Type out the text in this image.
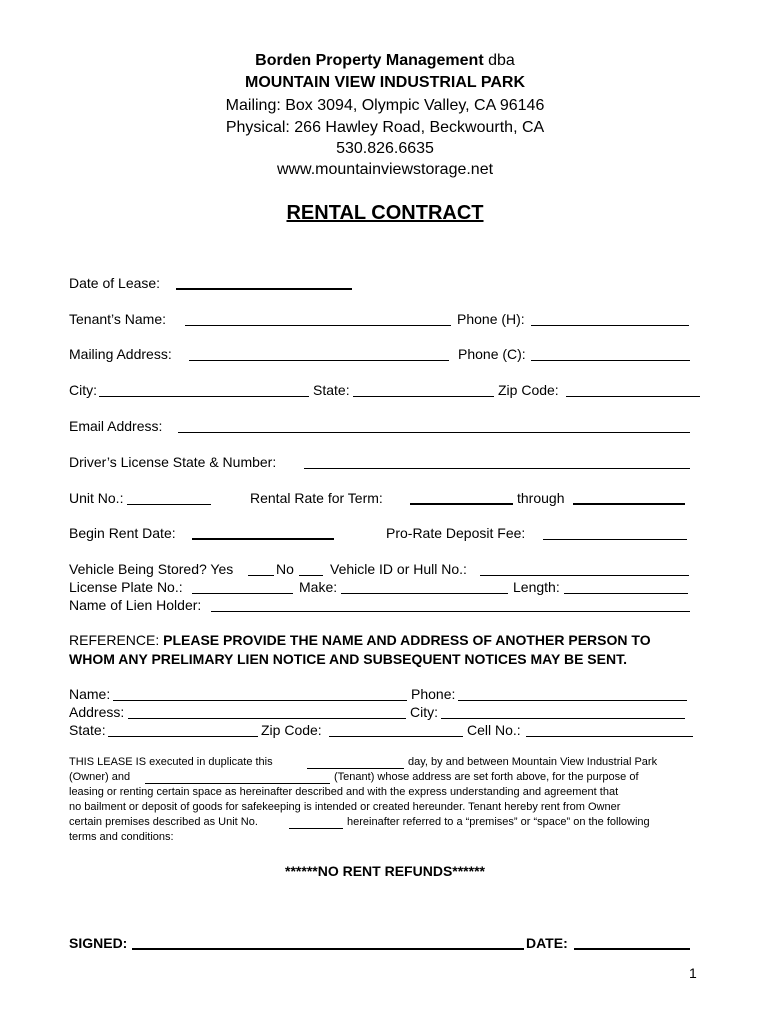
Borden Property Management dba
MOUNTAIN VIEW INDUSTRIAL PARK
Mailing: Box 3094, Olympic Valley, CA 96146
Physical: 266 Hawley Road, Beckwourth, CA
530.826.6635
www.mountainviewstorage.net
RENTAL CONTRACT
Date of Lease:
Tenant’s Name:	Phone (H):
Mailing Address:	Phone (C):
City:	State:	Zip Code:
Email Address:
Driver’s License State & Number:
Unit No.:	Rental Rate for Term:	through
Begin Rent Date:	Pro-Rate Deposit Fee:
Vehicle Being Stored? Yes	No	Vehicle ID or Hull No.:
License Plate No.:	Make:	Length:
Name of Lien Holder:
REFERENCE: PLEASE PROVIDE THE NAME AND ADDRESS OF ANOTHER PERSON TO
WHOM ANY PRELIMARY LIEN NOTICE AND SUBSEQUENT NOTICES MAY BE SENT.
Name:	Phone:
Address:	City:
State:	Zip Code:	Cell No.:
THIS LEASE IS executed in duplicate this	day, by and between Mountain View Industrial Park
(Owner) and	(Tenant) whose address are set forth above, for the purpose of
leasing or renting certain space as hereinafter described and with the express understanding and agreement that
no bailment or deposit of goods for safekeeping is intended or created hereunder. Tenant hereby rent from Owner
certain premises described as Unit No.	hereinafter referred to a “premises” or “space” on the following
terms and conditions:
******NO RENT REFUNDS******
SIGNED:	DATE:
1
